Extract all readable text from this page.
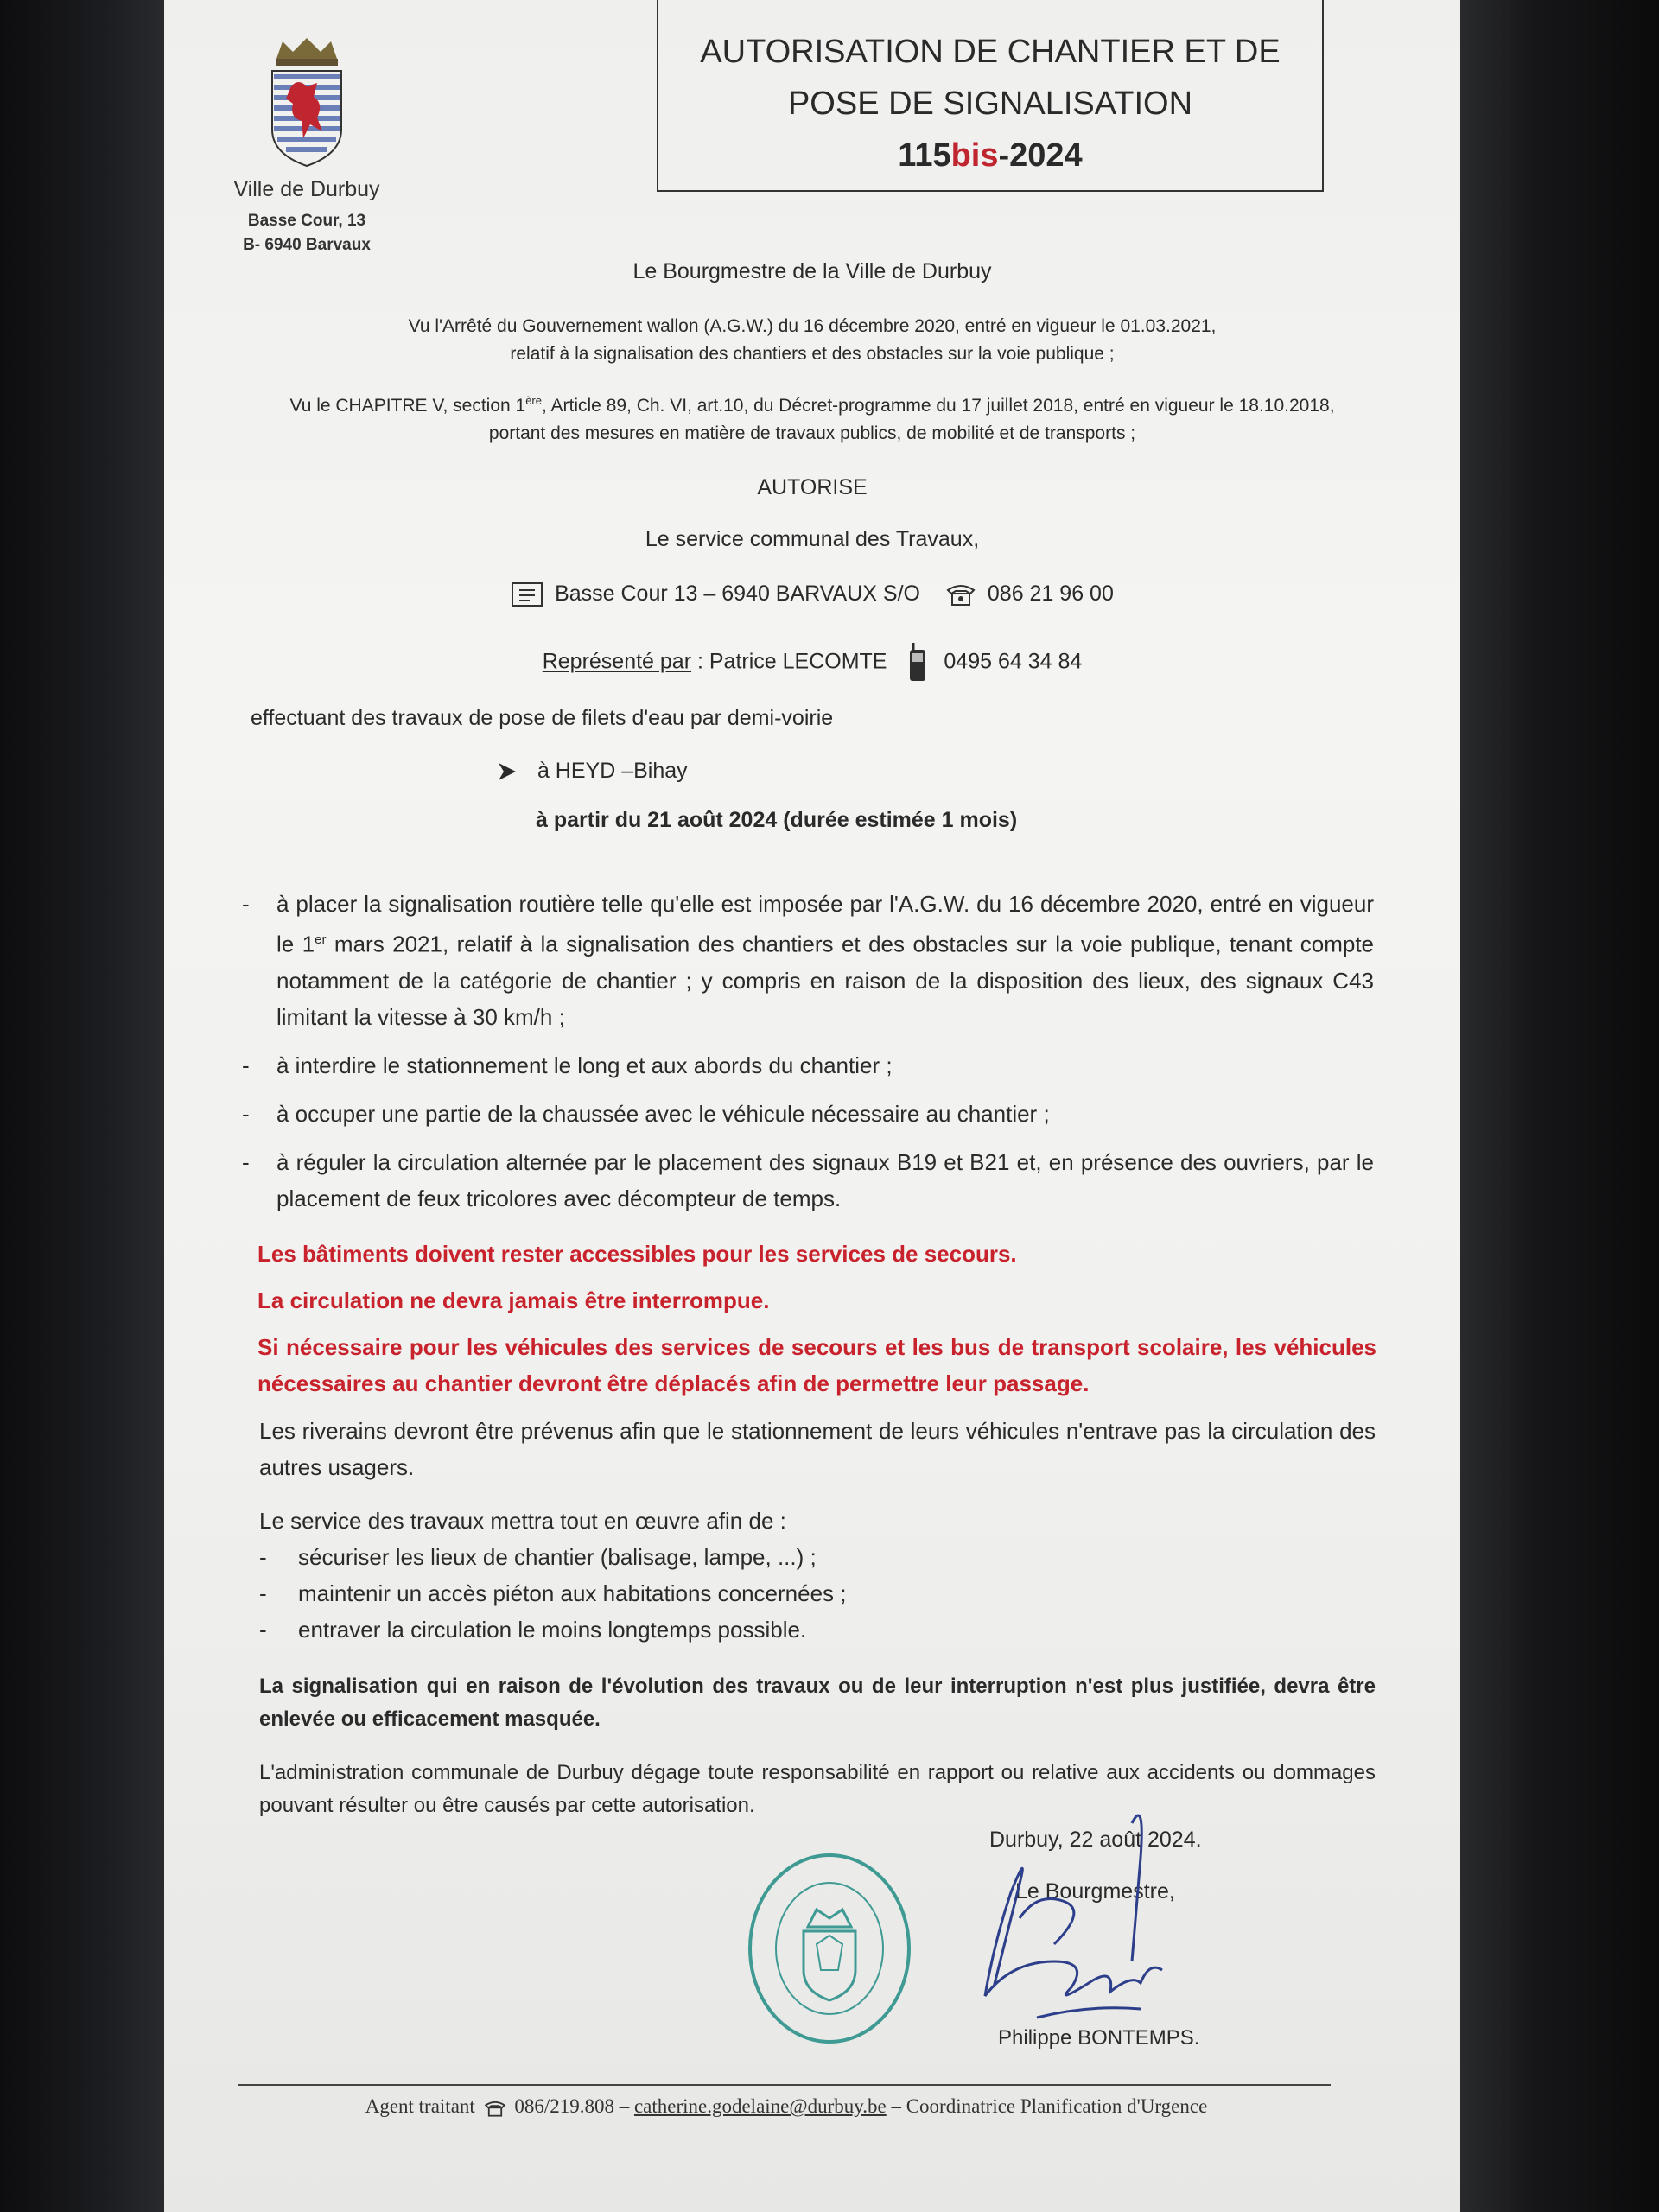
Ville de Durbuy
Basse Cour, 13
B- 6940 Barvaux
AUTORISATION DE CHANTIER ET DE
POSE DE SIGNALISATION
115bis-2024
Le Bourgmestre de la Ville de Durbuy
Vu l'Arrêté du Gouvernement wallon (A.G.W.) du 16 décembre 2020, entré en vigueur le 01.03.2021,
relatif à la signalisation des chantiers et des obstacles sur la voie publique ;
Vu le CHAPITRE V, section 1ère, Article 89, Ch. VI, art.10, du Décret-programme du 17 juillet 2018, entré en vigueur le 18.10.2018,
portant des mesures en matière de travaux publics, de mobilité et de transports ;
AUTORISE
Le service communal des Travaux,
Basse Cour 13 – 6940 BARVAUX S/O	086 21 96 00
Représenté par : Patrice LECOMTE	0495 64 34 84
effectuant des travaux de pose de filets d'eau par demi-voirie
à HEYD –Bihay
à partir du 21 août 2024 (durée estimée 1 mois)
- à placer la signalisation routière telle qu'elle est imposée par l'A.G.W. du 16 décembre 2020, entré en vigueur le 1er mars 2021, relatif à la signalisation des chantiers et des obstacles sur la voie publique, tenant compte notamment de la catégorie de chantier ; y compris en raison de la disposition des lieux, des signaux C43 limitant la vitesse à 30 km/h ;
- à interdire le stationnement le long et aux abords du chantier ;
- à occuper une partie de la chaussée avec le véhicule nécessaire au chantier ;
- à réguler la circulation alternée par le placement des signaux B19 et B21 et, en présence des ouvriers, par le placement de feux tricolores avec décompteur de temps.
Les bâtiments doivent rester accessibles pour les services de secours.
La circulation ne devra jamais être interrompue.
Si nécessaire pour les véhicules des services de secours et les bus de transport scolaire, les véhicules nécessaires au chantier devront être déplacés afin de permettre leur passage.
Les riverains devront être prévenus afin que le stationnement de leurs véhicules n'entrave pas la circulation des autres usagers.
Le service des travaux mettra tout en œuvre afin de :
- sécuriser les lieux de chantier (balisage, lampe, ...) ;
- maintenir un accès piéton aux habitations concernées ;
- entraver la circulation le moins longtemps possible.
La signalisation qui en raison de l'évolution des travaux ou de leur interruption n'est plus justifiée, devra être enlevée ou efficacement masquée.
L'administration communale de Durbuy dégage toute responsabilité en rapport ou relative aux accidents ou dommages pouvant résulter ou être causés par cette autorisation.
Durbuy, 22 août 2024.
Le Bourgmestre,
Philippe BONTEMPS.
Agent traitant 086/219.808 – catherine.godelaine@durbuy.be – Coordinatrice Planification d'Urgence
